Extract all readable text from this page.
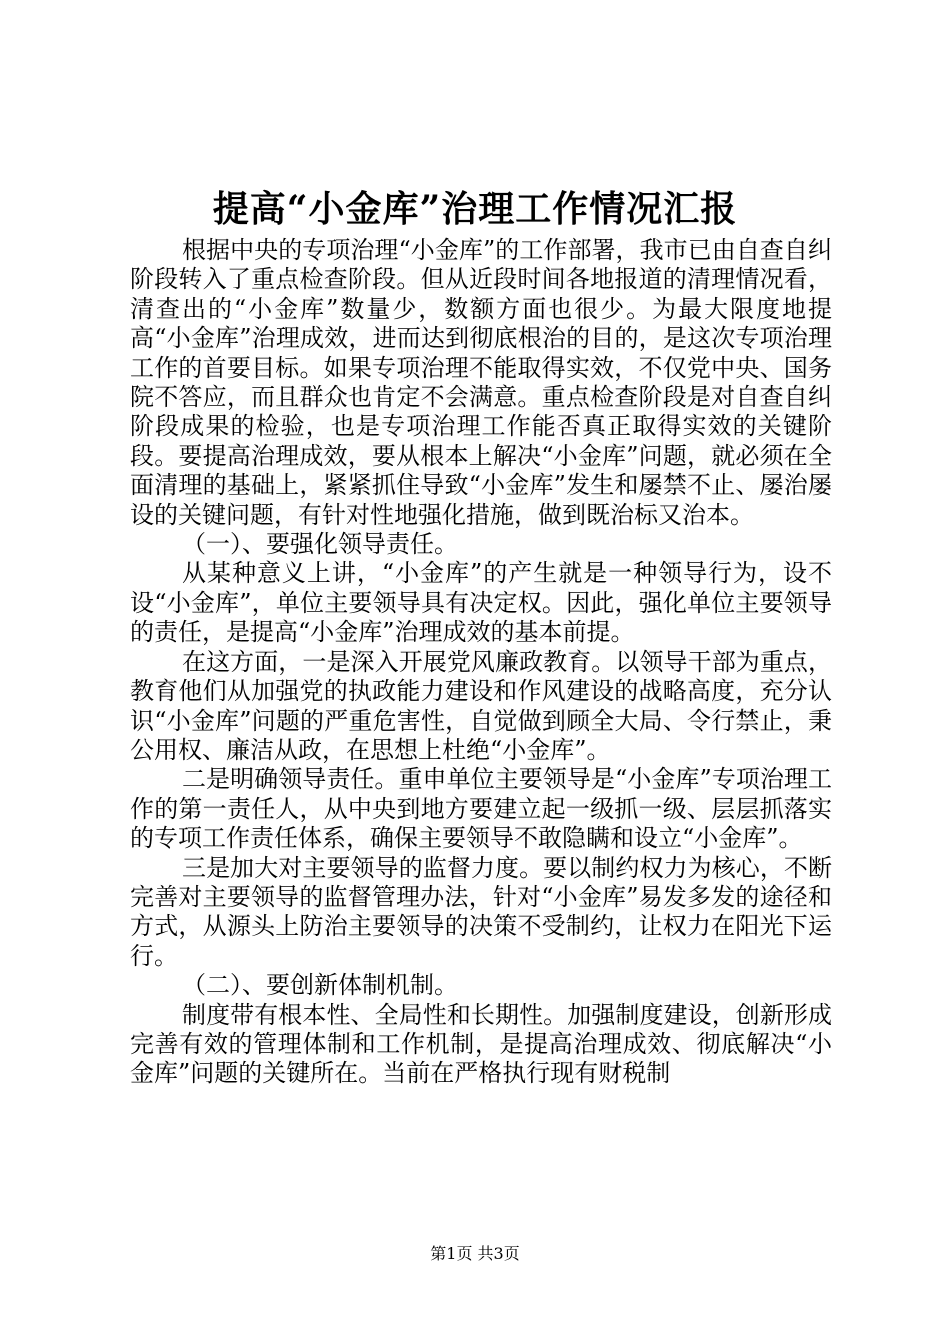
提高“小金库”治理工作情况汇报

根据中央的专项治理“小金库”的工作部署，我市已由自查自纠阶段转入了重点检查阶段。但从近段时间各地报道的清理情况看，清查出的“小金库”数量少，数额方面也很少。为最大限度地提高“小金库”治理成效，进而达到彻底根治的目的，是这次专项治理工作的首要目标。如果专项治理不能取得实效，不仅党中央、国务院不答应，而且群众也肯定不会满意。重点检查阶段是对自查自纠阶段成果的检验，也是专项治理工作能否真正取得实效的关键阶段。要提高治理成效，要从根本上解决“小金库”问题，就必须在全面清理的基础上，紧紧抓住导致“小金库”发生和屡禁不止、屡治屡设的关键问题，有针对性地强化措施，做到既治标又治本。

（一）、要强化领导责任。

从某种意义上讲，“小金库”的产生就是一种领导行为，设不设“小金库”，单位主要领导具有决定权。因此，强化单位主要领导的责任，是提高“小金库”治理成效的基本前提。

在这方面，一是深入开展党风廉政教育。以领导干部为重点，教育他们从加强党的执政能力建设和作风建设的战略高度，充分认识“小金库”问题的严重危害性，自觉做到顾全大局、令行禁止，秉公用权、廉洁从政，在思想上杜绝“小金库”。

二是明确领导责任。重申单位主要领导是“小金库”专项治理工作的第一责任人，从中央到地方要建立起一级抓一级、层层抓落实的专项工作责任体系，确保主要领导不敢隐瞒和设立“小金库”。

三是加大对主要领导的监督力度。要以制约权力为核心，不断完善对主要领导的监督管理办法，针对“小金库”易发多发的途径和方式，从源头上防治主要领导的决策不受制约，让权力在阳光下运行。

（二）、要创新体制机制。

制度带有根本性、全局性和长期性。加强制度建设，创新形成完善有效的管理体制和工作机制，是提高治理成效、彻底解决“小金库”问题的关键所在。当前在严格执行现有财税制

第1页 共3页
